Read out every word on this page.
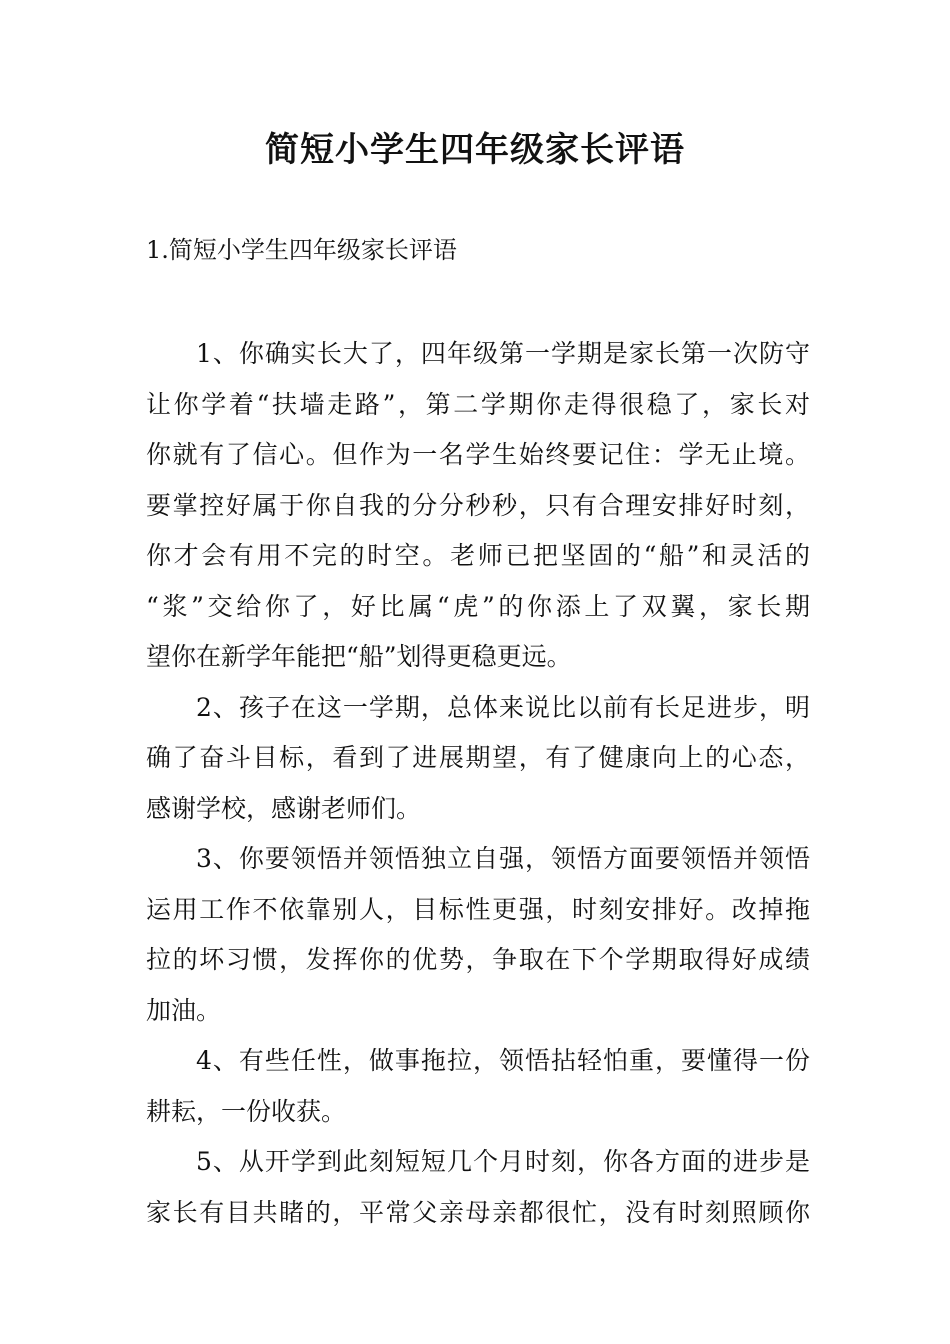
简短小学生四年级家长评语
1.简短小学生四年级家长评语
1、你确实长大了，四年级第一学期是家长第一次防守
让你学着“扶墙走路”，第二学期你走得很稳了，家长对
你就有了信心。但作为一名学生始终要记住：学无止境。
要掌控好属于你自我的分分秒秒，只有合理安排好时刻，
你才会有用不完的时空。老师已把坚固的“船”和灵活的
“浆”交给你了，好比属“虎”的你添上了双翼，家长期
望你在新学年能把“船”划得更稳更远。
2、孩子在这一学期，总体来说比以前有长足进步，明
确了奋斗目标，看到了进展期望，有了健康向上的心态，
感谢学校，感谢老师们。
3、你要领悟并领悟独立自强，领悟方面要领悟并领悟
运用工作不依靠别人，目标性更强，时刻安排好。改掉拖
拉的坏习惯，发挥你的优势，争取在下个学期取得好成绩
加油。
4、有些任性，做事拖拉，领悟拈轻怕重，要懂得一份
耕耘，一份收获。
5、从开学到此刻短短几个月时刻，你各方面的进步是
家长有目共睹的，平常父亲母亲都很忙，没有时刻照顾你
